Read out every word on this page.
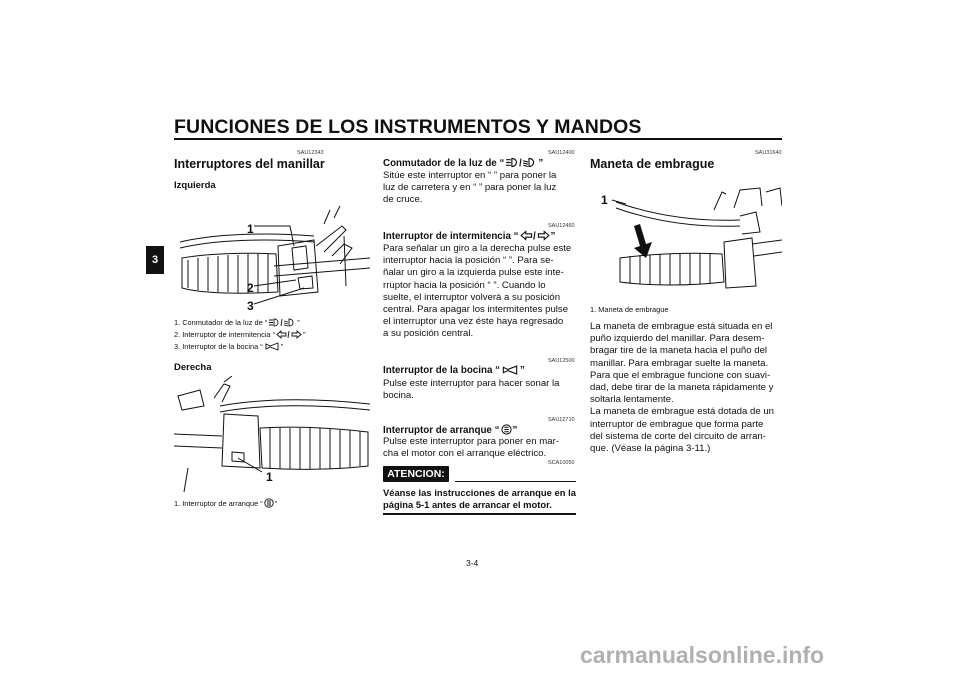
FUNCIONES DE LOS INSTRUMENTOS Y MANDOS
3
SAU12343
Interruptores del manillar
Izquierda
1
2
3
1. Conmutador de la luz de “	”
2. Interruptor de intermitencia “	”
3. Interruptor de la bocina “ ”
Derecha
1
1. Interruptor de arranque “ ”
SAU12400
Conmutador de la luz de “	”
Sitúe este interruptor en “ ” para poner la
luz de carretera y en “ ” para poner la luz
de cruce.
SAU12460
Interruptor de intermitencia “	”
Para señalar un giro a la derecha pulse este
interruptor hacia la posición “ ”. Para se-
ñalar un giro a la izquierda pulse este inte-
rruptor hacia la posición “ ”. Cuando lo
suelte, el interruptor volverá a su posición
central. Para apagar los intermitentes pulse
el interruptor una vez éste haya regresado
a su posición central.
SAU12500
Interruptor de la bocina “ ”
Pulse este interruptor para hacer sonar la
bocina.
SAU12710
Interruptor de arranque “ ”
Pulse este interruptor para poner en mar-
cha el motor con el arranque eléctrico.
SCA10050
ATENCION:
Véanse las instrucciones de arranque en la página 5-1 antes de arrancar el motor.
SAU31640
Maneta de embrague
1
1. Maneta de embrague
La maneta de embrague está situada en el
puño izquierdo del manillar. Para desem-
bragar tire de la maneta hacia el puño del
manillar. Para embragar suelte la maneta.
Para que el embrague funcione con suavi-
dad, debe tirar de la maneta rápidamente y
soltarla lentamente.
La maneta de embrague está dotada de un
interruptor de embrague que forma parte
del sistema de corte del circuito de arran-
que. (Véase la página 3-11.)
3-4
carmanualsonline.info
